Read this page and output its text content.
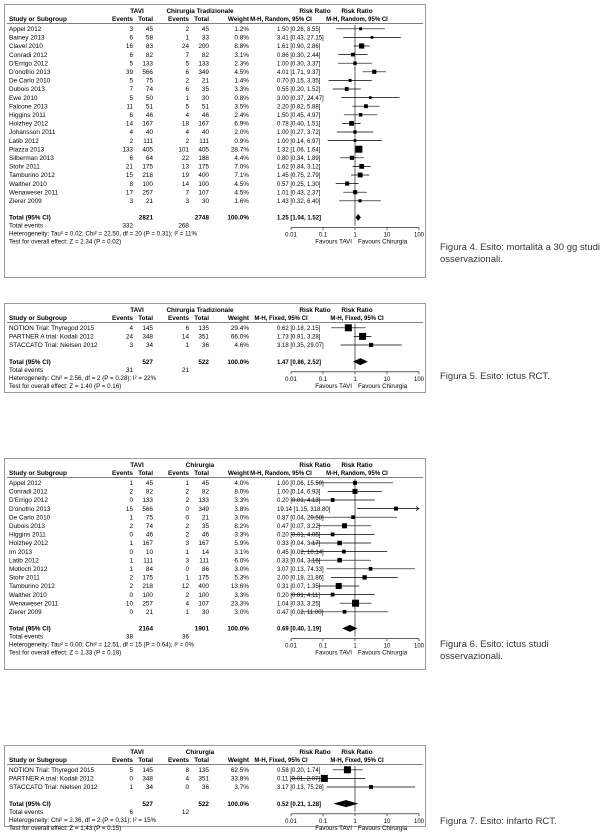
TAVI	Chirurgia Tradizionale	Risk Ratio Risk Ratio
Study or Subgroup	Events Total Events Total	Weight M-H, Random, 95% CI M-H, Random, 95% CI
Appel 2012	3 45	2 45	1.2%	1.50 [0.26, 8.55]
Bainey 2013	6 58	1 33	0.8%	3.41 [0.43, 27.15]
Clavel 2010	16 83	24 200	8.8%	1.61 [0.90, 2.86]
Conradi 2012	6 82	7 82	3.1%	0.86 [0.30, 2.44]
D'Errigo 2012	5 133	5 133	2.3%	1.00 [0.30, 3.37]
D'onofrio 2013	39 566	6 349	4.5%	4.01 [1.71, 9.37]
De Carlo 2010	5 75	2 21	1.4%	0.70 [0.15, 3.35]
Dubois 2013	7 74	6 35	3.3%	0.55 [0.20, 1.52]
Ewe 2010	5 50	1 30	0.8%	3.00 [0.37, 24.47]
Falcone 2013	11 51	5 51	3.5%	2.20 [0.82, 5.88]
Higgins 2011	6 46	4 46	2.4%	1.50 [0.45, 4.97]
Holzhey 2012	14 167	18 167	6.9%	0.78 [0.40, 1.51]
Johansson 2011	4 40	4 40	2.0%	1.00 [0.27, 3.72]
Latib 2012	2 111	2 111	0.9%	1.00 [0.14, 6.97]
Piazza 2013	133 405	101 405	28.7%	1.32 [1.06, 1.64]
Silberman 2013	6 64	22 188	4.4%	0.80 [0.34, 1.89]
Stohr 2011	21 175	13 175	7.0%	1.62 [0.84, 3.12]
Tamburino 2012	15 218	19 400	7.1%	1.45 [0.75, 2.79]
Walther 2010	8 100	14 100	4.5%	0.57 [0.25, 1.30]
Wenaweser 2011	17 257	7 107	4.5%	1.01 [0.43, 2.37]
Zierer 2009	3 21	3 30	1.6%	1.43 [0.32, 6.40]
Total (95% CI)	2821	2748	100.0%	1.25 [1.04, 1.52]
Total events	332	268
Heterogeneity: Tau² = 0.02; Chi² = 22.50, df = 20 (P = 0.31); I² = 11%
Test for overall effect: Z = 2.34 (P = 0.02)
0.01	0.1	1	10	100
Favours TAVI Favours Chirurgia	Figura 4. Esito: mortalità a 30 gg studi osservazionali.
TAVI	Chirurgia Tradizionale	Risk Ratio Risk Ratio
Study or Subgroup	Events Total Events Total	Weight M-H, Fixed, 95% CI	M-H, Fixed, 95% CI
NOTION Trial: Thyregod 2015	4 145	6 135	29.4%	0.62 [0.18, 2.15]
PARTNER A trial: Kodali 2012	24 348	14 351	66.0%	1.73 [0.91, 3.28]
STACCATO Trial: Nielsen 2012	3 34	1 36	4.6%	3.18 [0.35, 29.07]
Total (95% CI)	527	522	100.0%	1.47 [0.86, 2.52]
Total events	31	21
Heterogeneity: Chi² = 2.56, df = 2 (P = 0.28); I² = 22%
Test for overall effect: Z = 1.40 (P = 0.16)
0.01	0.1	1	10	100
Favours TAVI Favours Chirurgia
Figura 5. Esito: ictus RCT.
TAVI	Chirurgia	Risk Ratio Risk Ratio
Study or Subgroup	Events Total Events Total	Weight M-H, Random, 95% CI M-H, Random, 95% CI
Appel 2012	1 45	1 45	4.0%	1.00 [0.06, 15.50]
Conradi 2012	2 82	2 82	8.0%	1.00 [0.14, 6.93]
D'Errigo 2012	0 133	2 133	3.3%	0.20 [0.01, 4.13]
D'onofrio 2013	15 566	0 349	3.8%	19.14 [1.15, 318.80]
De Carlo 2010	1 75	0 21	3.0%	0.87 [0.04, 20.58]
Dubois 2013	2 74	2 35	8.2%	0.47 [0.07, 3.22]
Higgins 2011	0 46	2 46	3.3%	0.20 [0.01, 4.05]
Holzhey 2012	1 167	3 167	5.9%	0.33 [0.04, 3.17]
Im 2013	0 10	1 14	3.1%	0.45 [0.02, 10.14]
Latib 2012	1 111	3 111	6.0%	0.33 [0.04, 3.16]
Motloch 2012	1 84	0 86	3.0%	3.07 [0.13, 74.33]
Stohr 2011	2 175	1 175	5.3%	2.00 [0.18, 21.86]
Tamburino 2012	2 218	12 400	13.6%	0.31 [0.07, 1.35]
Walther 2010	0 100	2 100	3.3%	0.20 [0.01, 4.11]
Wenaweser 2011	10 257	4 107	23.3%	1.04 [0.33, 3.25]
Zierer 2009	0 21	1 30	3.0%	0.47 [0.02, 11.00]
Total (95% CI)	2164	1901	100.0%	0.69 [0.40, 1.19]
Total events	38	36
Heterogeneity: Tau² = 0.00; Chi² = 12.51, df = 15 (P = 0.64); I² = 0%
Test for overall effect: Z = 1.33 (P = 0.18)
0.01	0.1	1	10	100
Favours TAVI Favours Chirurgia
Figura 6. Esito: ictus studi osservazionali.
TAVI	Chirurgia	Risk Ratio Risk Ratio
Study or Subgroup	Events Total Events Total	Weight M-H, Fixed, 95% CI	M-H, Fixed, 95% CI
NOTION Trial: Thyregod 2015	5 145	8 135	62.5%	0.58 [0.20, 1.74]
PARTNER A trial: Kodali 2012	0 348	4 351	33.8%	0.11 [0.01, 2.07]
STACCATO Trial: Nielsen 2012	1 34	0 36	3.7%	3.17 [0.13, 75.28]
Total (95% CI)	527	522	100.0%	0.52 [0.21, 1.28]
Total events	6	12
Heterogeneity: Chi² = 2.36, df = 2 (P = 0.31); I² = 15%
Test for overall effect: Z = 1.43 (P = 0.15)
0.01	0.1	1	10	100
Favours TAVI Favours Chirurgia
Figura 7. Esito: infarto RCT.
